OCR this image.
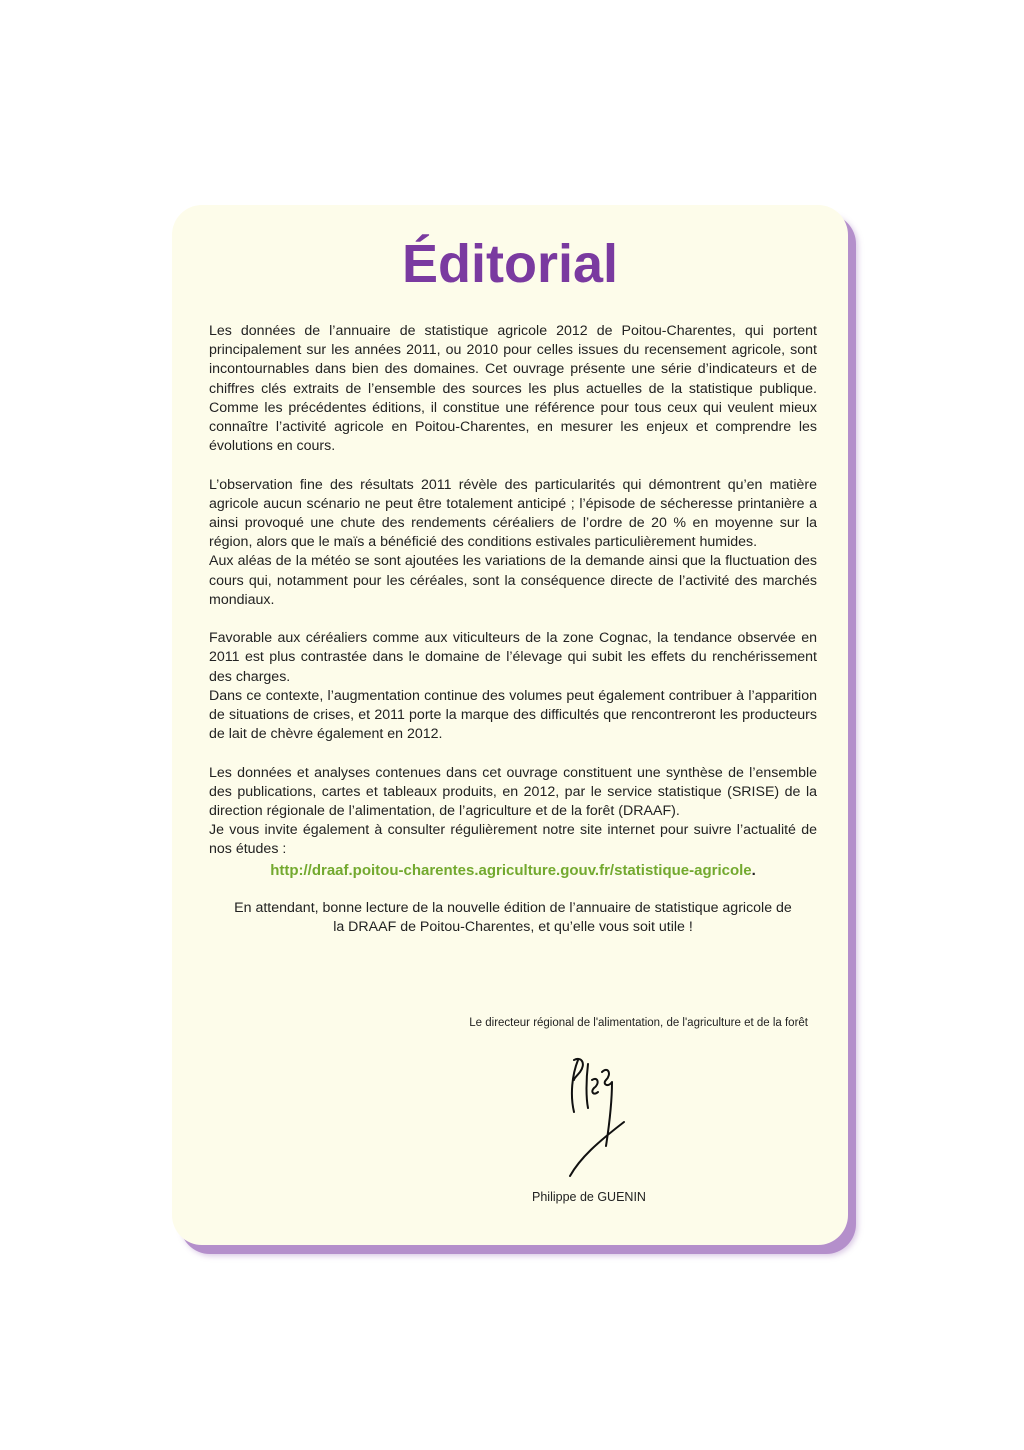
Éditorial

Les données de l’annuaire de statistique agricole 2012 de Poitou-Charentes, qui portent principalement sur les années 2011, ou 2010 pour celles issues du recensement agricole, sont incontournables dans bien des domaines. Cet ouvrage présente une série d’indicateurs et de chiffres clés extraits de l’ensemble des sources les plus actuelles de la statistique publique. Comme les précédentes éditions, il constitue une référence pour tous ceux qui veulent mieux connaître l’activité agricole en Poitou-Charentes, en mesurer les enjeux et comprendre les évolutions en cours.

L’observation fine des résultats 2011 révèle des particularités qui démontrent qu’en matière agricole aucun scénario ne peut être totalement anticipé ; l’épisode de sécheresse printanière a ainsi provoqué une chute des rendements céréaliers de l’ordre de 20 % en moyenne sur la région, alors que le maïs a bénéficié des conditions estivales particulièrement humides.

Aux aléas de la météo se sont ajoutées les variations de la demande ainsi que la fluctuation des cours qui, notamment pour les céréales, sont la conséquence directe de l’activité des marchés mondiaux.

Favorable aux céréaliers comme aux viticulteurs de la zone Cognac, la tendance observée en 2011 est plus contrastée dans le domaine de l’élevage qui subit les effets du renchérissement des charges.

Dans ce contexte, l’augmentation continue des volumes peut également contribuer à l’apparition de situations de crises, et 2011 porte la marque des difficultés que rencontreront les producteurs de lait de chèvre également en 2012.

Les données et analyses contenues dans cet ouvrage constituent une synthèse de l’ensemble des publications, cartes et tableaux produits, en 2012, par le service statistique (SRISE) de la direction régionale de l’alimentation, de l’agriculture et de la forêt (DRAAF).

Je vous invite également à consulter régulièrement notre site internet pour suivre l’actualité de nos études :

http://draaf.poitou-charentes.agriculture.gouv.fr/statistique-agricole.

En attendant, bonne lecture de la nouvelle édition de l’annuaire de statistique agricole de la DRAAF de Poitou-Charentes, et qu’elle vous soit utile !

Le directeur régional de l'alimentation, de l'agriculture et de la forêt
Philippe de GUENIN
